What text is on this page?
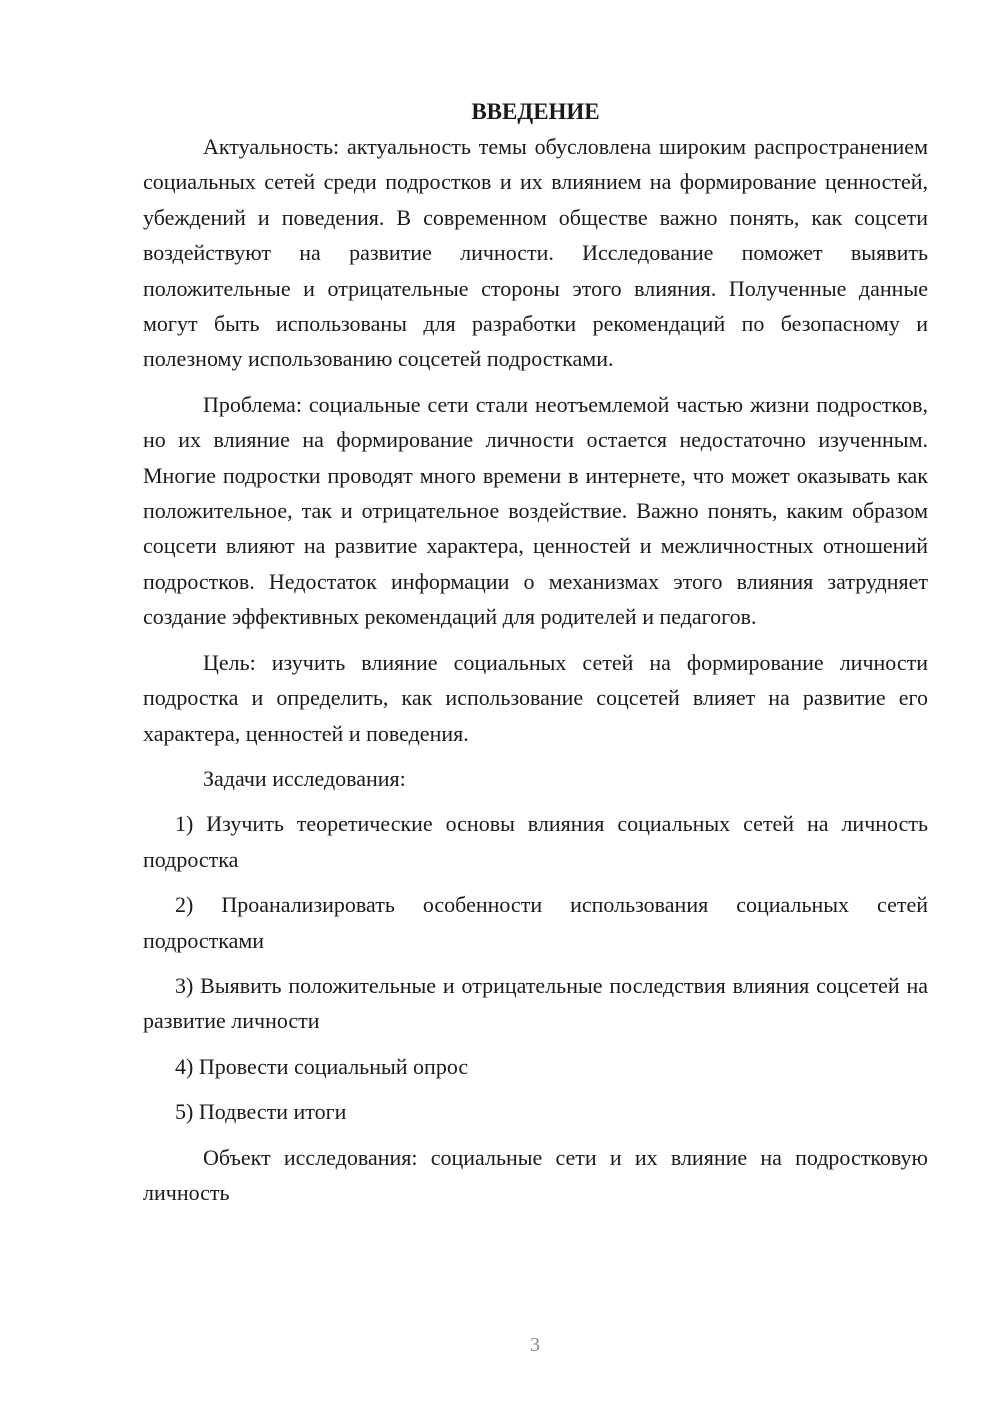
ВВЕДЕНИЕ

Актуальность: актуальность темы обусловлена широким распространением социальных сетей среди подростков и их влиянием на формирование ценностей, убеждений и поведения. В современном обществе важно понять, как соцсети воздействуют на развитие личности. Исследование поможет выявить положительные и отрицательные стороны этого влияния. Полученные данные могут быть использованы для разработки рекомендаций по безопасному и полезному использованию соцсетей подростками.

Проблема: социальные сети стали неотъемлемой частью жизни подростков, но их влияние на формирование личности остается недостаточно изученным. Многие подростки проводят много времени в интернете, что может оказывать как положительное, так и отрицательное воздействие. Важно понять, каким образом соцсети влияют на развитие характера, ценностей и межличностных отношений подростков. Недостаток информации о механизмах этого влияния затрудняет создание эффективных рекомендаций для родителей и педагогов.

Цель: изучить влияние социальных сетей на формирование личности подростка и определить, как использование соцсетей влияет на развитие его характера, ценностей и поведения.

Задачи исследования:

1) Изучить теоретические основы влияния социальных сетей на личность подростка

2) Проанализировать особенности использования социальных сетей подростками

3) Выявить положительные и отрицательные последствия влияния соцсетей на развитие личности

4) Провести социальный опрос

5) Подвести итоги

Объект исследования: социальные сети и их влияние на подростковую личность

3
